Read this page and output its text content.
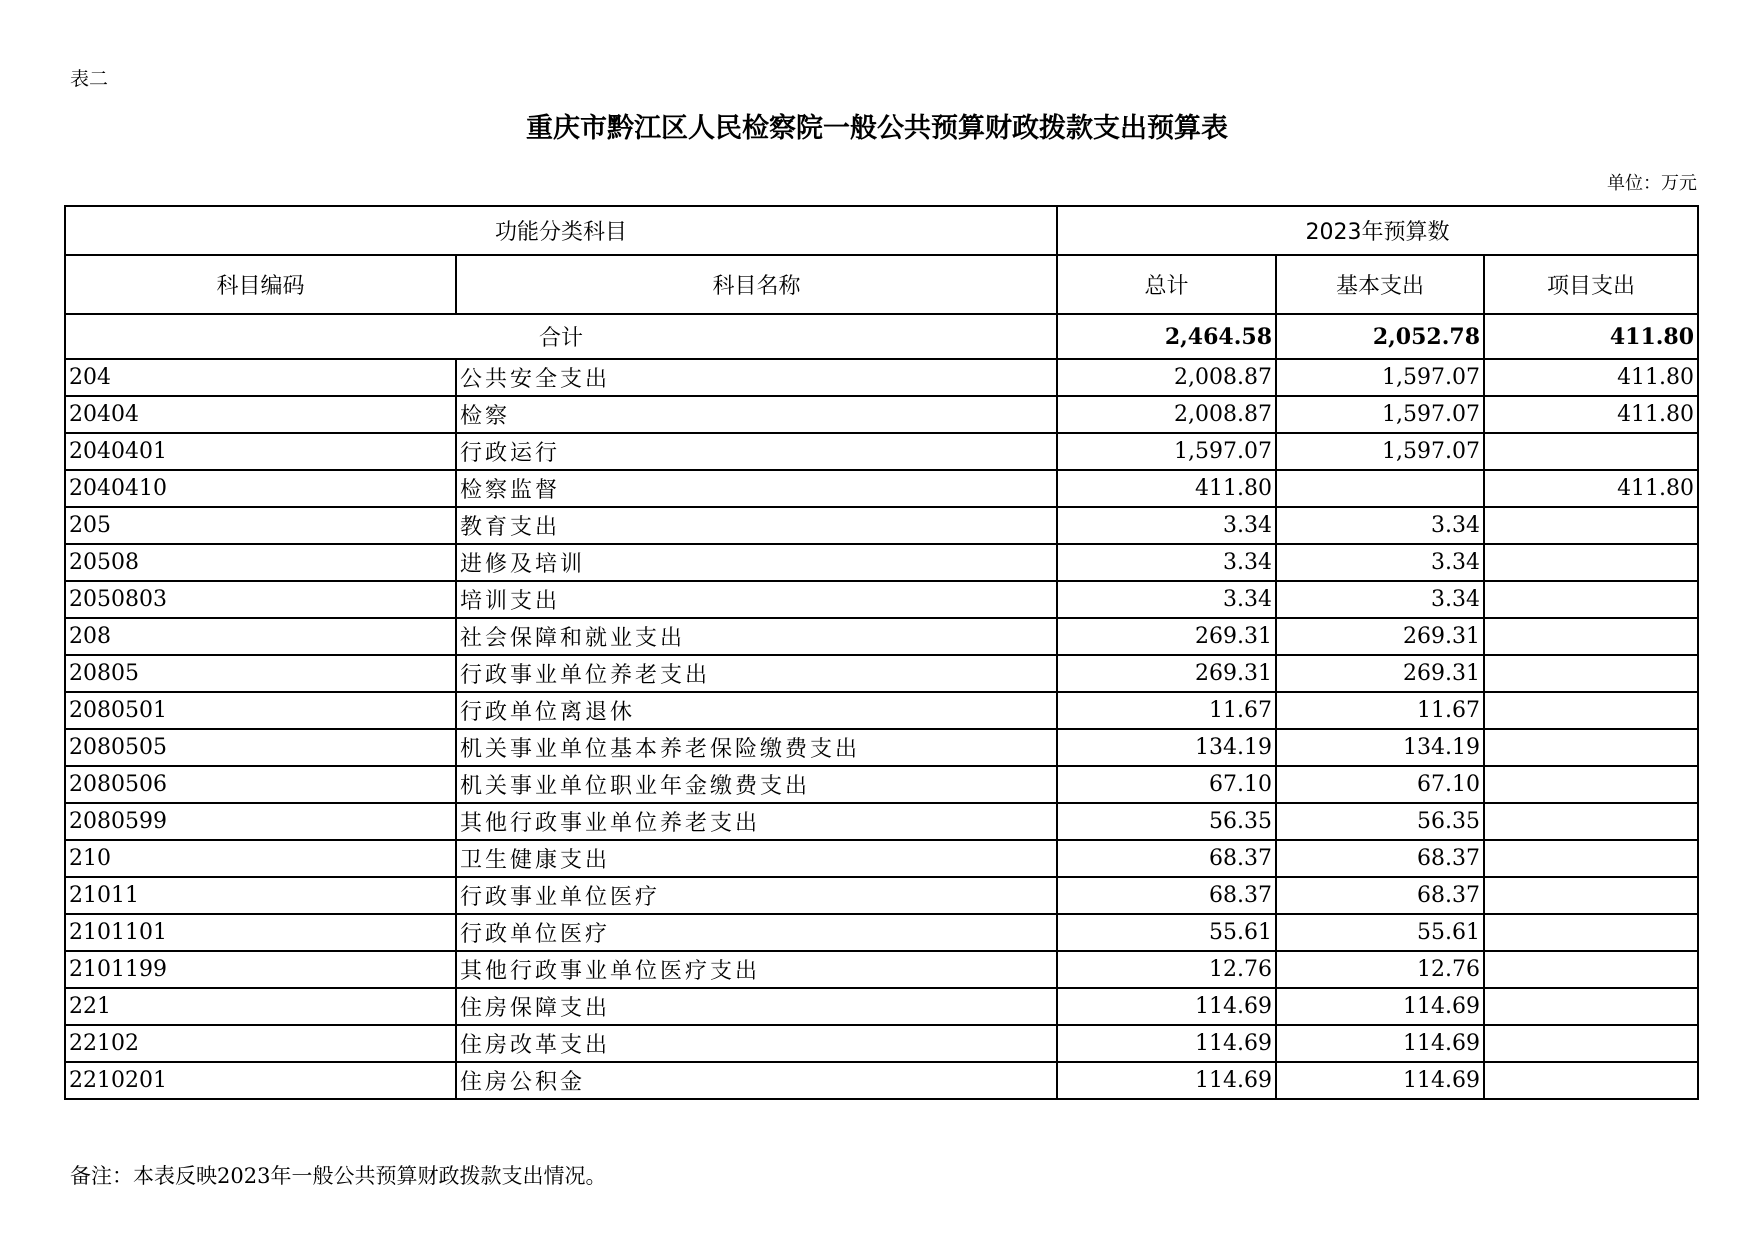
表二
重庆市黔江区人民检察院一般公共预算财政拨款支出预算表
单位：万元
功能分类科目		2023年预算数		
科目编码	科目名称	总计	基本支出	项目支出
合计		2,464.58	2,052.78	411.80
204	公共安全支出	2,008.87	1,597.07	411.80
20404	检察	2,008.87	1,597.07	411.80
2040401	行政运行	1,597.07	1,597.07	
2040410	检察监督	411.80		411.80
205	教育支出	3.34	3.34	
20508	进修及培训	3.34	3.34	
2050803	培训支出	3.34	3.34	
208	社会保障和就业支出	269.31	269.31	
20805	行政事业单位养老支出	269.31	269.31	
2080501	行政单位离退休	11.67	11.67	
2080505	机关事业单位基本养老保险缴费支出	134.19	134.19	
2080506	机关事业单位职业年金缴费支出	67.10	67.10	
2080599	其他行政事业单位养老支出	56.35	56.35	
210	卫生健康支出	68.37	68.37	
21011	行政事业单位医疗	68.37	68.37	
2101101	行政单位医疗	55.61	55.61	
2101199	其他行政事业单位医疗支出	12.76	12.76	
221	住房保障支出	114.69	114.69	
22102	住房改革支出	114.69	114.69	
2210201	住房公积金	114.69	114.69	
备注：本表反映2023年一般公共预算财政拨款支出情况。
